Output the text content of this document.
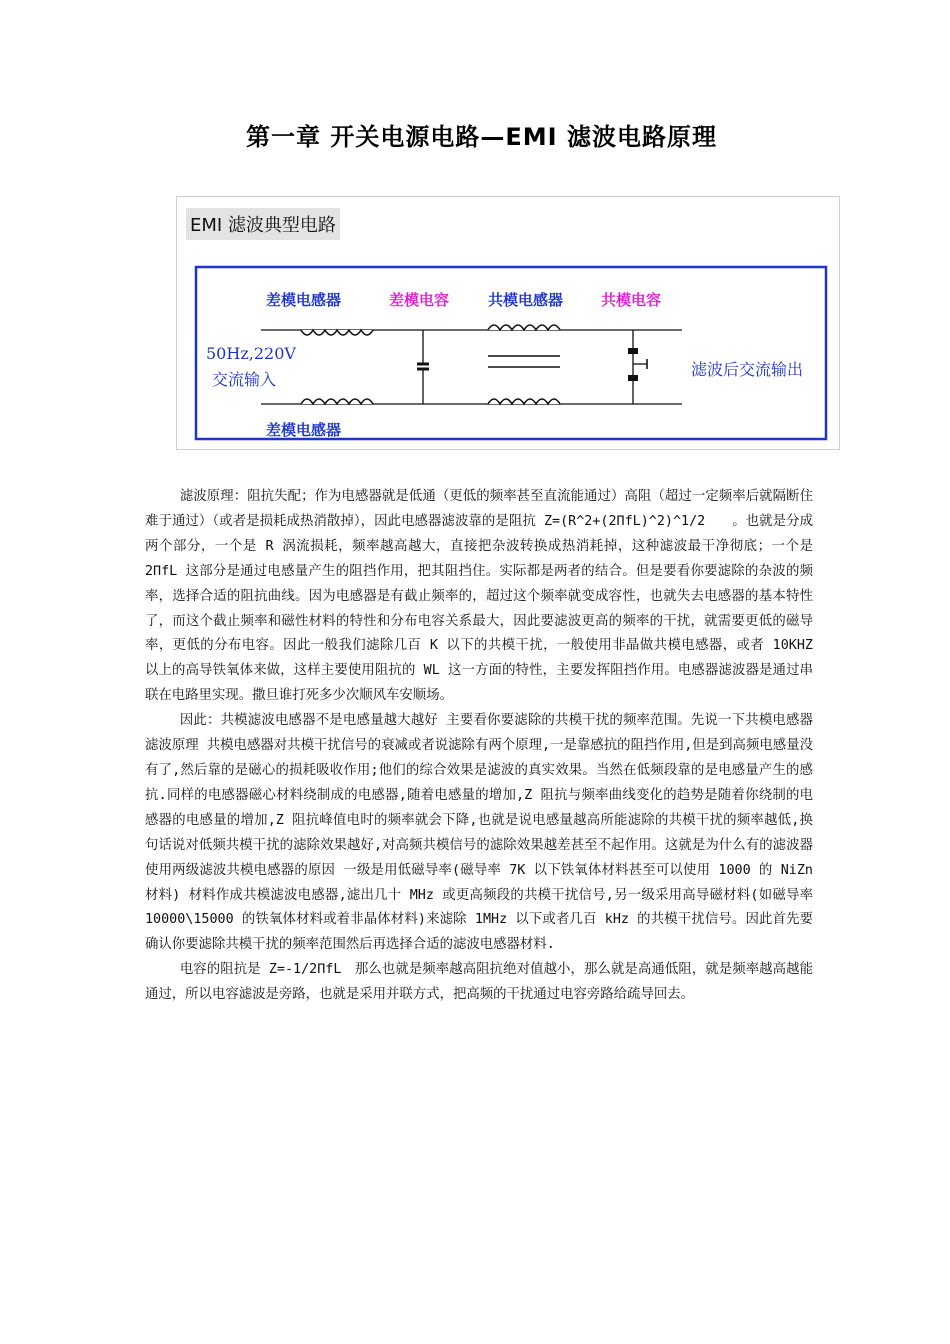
第一章 开关电源电路—EMI 滤波电路原理
EMI 滤波典型电路
差模电感器	差模电容	共模电感器	共模电容
50Hz,220V
交流输入
滤波后交流输出
差模电感器

滤波原理：阻抗失配；作为电感器就是低通（更低的频率甚至直流能通过）高阻（超过一定频率后就隔断住难于通过）（或者是损耗成热消散掉），因此电感器滤波靠的是阻抗 Z=(R^2+(2ΠfL)^2)^1/2　　。也就是分成两个部分，一个是 R 涡流损耗，频率越高越大，直接把杂波转换成热消耗掉，这种滤波最干净彻底；一个是 2ΠfL 这部分是通过电感量产生的阻挡作用，把其阻挡住。实际都是两者的结合。但是要看你要滤除的杂波的频率，选择合适的阻抗曲线。因为电感器是有截止频率的，超过这个频率就变成容性，也就失去电感器的基本特性了，而这个截止频率和磁性材料的特性和分布电容关系最大，因此要滤波更高的频率的干扰，就需要更低的磁导率，更低的分布电容。因此一般我们滤除几百 K 以下的共模干扰，一般使用非晶做共模电感器，或者 10KHZ 以上的高导铁氧体来做，这样主要使用阻抗的 WL 这一方面的特性，主要发挥阻挡作用。电感器滤波器是通过串联在电路里实现。撒旦谁打死多少次顺风车安顺场。

因此：共模滤波电感器不是电感量越大越好 主要看你要滤除的共模干扰的频率范围。先说一下共模电感器滤波原理 共模电感器对共模干扰信号的衰减或者说滤除有两个原理,一是靠感抗的阻挡作用,但是到高频电感量没有了,然后靠的是磁心的损耗吸收作用;他们的综合效果是滤波的真实效果。当然在低频段靠的是电感量产生的感抗.同样的电感器磁心材料绕制成的电感器,随着电感量的增加,Z 阻抗与频率曲线变化的趋势是随着你绕制的电感器的电感量的增加,Z 阻抗峰值电时的频率就会下降,也就是说电感量越高所能滤除的共模干扰的频率越低,换句话说对低频共模干扰的滤除效果越好,对高频共模信号的滤除效果越差甚至不起作用。这就是为什么有的滤波器使用两级滤波共模电感器的原因 一级是用低磁导率(磁导率 7K 以下铁氧体材料甚至可以使用 1000 的 NiZn 材料) 材料作成共模滤波电感器,滤出几十 MHz 或更高频段的共模干扰信号,另一级采用高导磁材料(如磁导率 10000\15000 的铁氧体材料或着非晶体材料)来滤除 1MHz 以下或者几百 kHz 的共模干扰信号。因此首先要确认你要滤除共模干扰的频率范围然后再选择合适的滤波电感器材料.

电容的阻抗是 Z=-1/2ΠfL　那么也就是频率越高阻抗绝对值越小，那么就是高通低阻，就是频率越高越能通过，所以电容滤波是旁路，也就是采用并联方式，把高频的干扰通过电容旁路给疏导回去。
